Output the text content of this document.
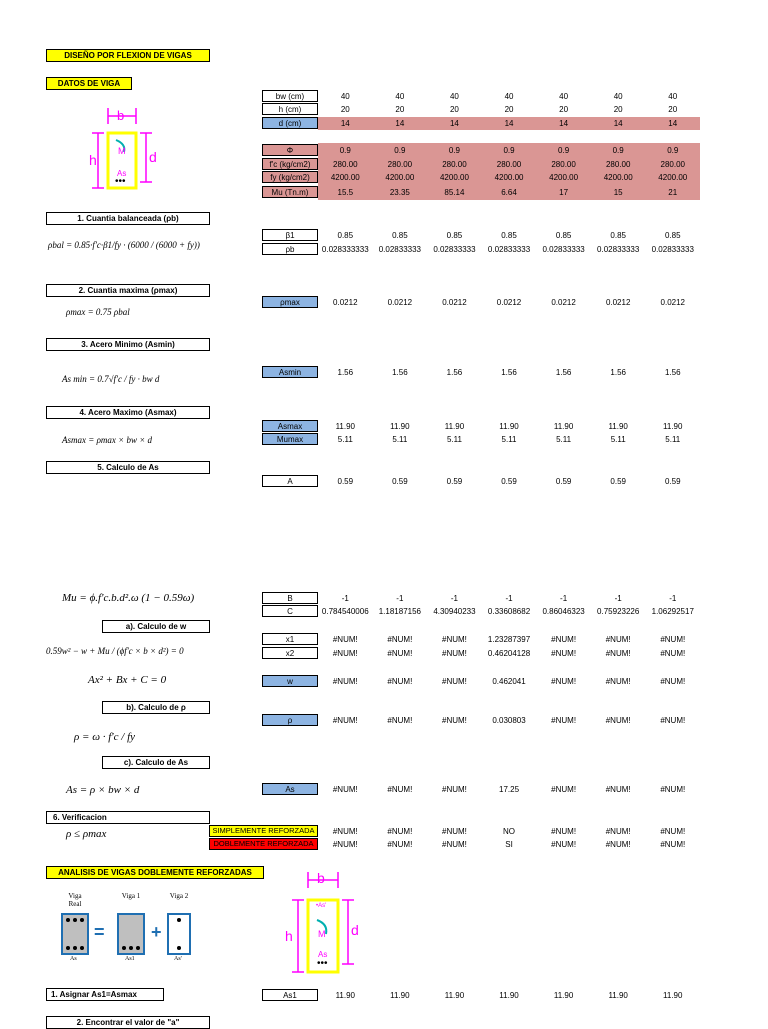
DISEÑO POR FLEXION DE VIGAS
DATOS DE VIGA
b
h	d
M
As
•••
bw (cm)	40	40	40	40	40	40	40
h (cm)	20	20	20	20	20	20	20
d (cm)	14	14	14	14	14	14	14
Φ	0.9	0.9	0.9	0.9	0.9	0.9	0.9
f'c (kg/cm2)	280.00	280.00	280.00	280.00	280.00	280.00	280.00
fy (kg/cm2)	4200.00	4200.00	4200.00	4200.00	4200.00	4200.00	4200.00
Mu (Tn.m)	15.5	23.35	85.14	6.64	17	15	21
1. Cuantia balanceada (ρb)
ρbal = 0.85·f'c·β1/fy · (6000 / (6000 + fy))
β1	0.85	0.85	0.85	0.85	0.85	0.85	0.85
ρb	0.028333333	0.02833333	0.02833333	0.02833333	0.02833333	0.02833333	0.02833333
2. Cuantia maxima (ρmax)
ρmax = 0.75 ρbal
ρmax	0.0212	0.0212	0.0212	0.0212	0.0212	0.0212	0.0212
3. Acero Minimo (Asmin)
As min = 0.7√f'c / fy · bw d
Asmin	1.56	1.56	1.56	1.56	1.56	1.56	1.56
4. Acero Maximo (Asmax)
Asmax = ρmax × bw × d
Asmax	11.90	11.90	11.90	11.90	11.90	11.90	11.90
Mumax	5.11	5.11	5.11	5.11	5.11	5.11	5.11
5. Calculo de As
A	0.59	0.59	0.59	0.59	0.59	0.59	0.59
Mu = ϕ.f'c.b.d².ω (1 − 0.59ω)	B	-1	-1	-1	-1	-1	-1	-1
C	0.784540006	1.18187156	4.30940233	0.33608682	0.86046323	0.75923226	1.06292517
a). Calculo de w
0.59w² − w + Mu / (ϕf'c × b × d²) = 0
Ax² + Bx + C = 0
x1	#NUM!	#NUM!	#NUM!	1.23287397	#NUM!	#NUM!	#NUM!
x2	#NUM!	#NUM!	#NUM!	0.46204128	#NUM!	#NUM!	#NUM!
w	#NUM!	#NUM!	#NUM!	0.462041	#NUM!	#NUM!	#NUM!
b). Calculo de ρ
ρ = ω · f'c / fy
ρ	#NUM!	#NUM!	#NUM!	0.030803	#NUM!	#NUM!	#NUM!
c). Calculo de As
As = ρ × bw × d	As	#NUM!	#NUM!	#NUM!	17.25	#NUM!	#NUM!	#NUM!
6. Verificacion
ρ ≤ ρmax	SIMPLEMENTE REFORZADA	#NUM!	#NUM!	#NUM!	NO	#NUM!	#NUM!	#NUM!
DOBLEMENTE REFORZADA	#NUM!	#NUM!	#NUM!	SI	#NUM!	#NUM!	#NUM!
ANALISIS DE VIGAS DOBLEMENTE REFORZADAS
Viga Real
Viga 1	Viga 2
=	+
As	As1	As'
b
h	d
•As'
M
As
•••
1. Asignar As1=Asmax	As1	11.90	11.90	11.90	11.90	11.90	11.90	11.90
2. Encontrar el valor de "a"
